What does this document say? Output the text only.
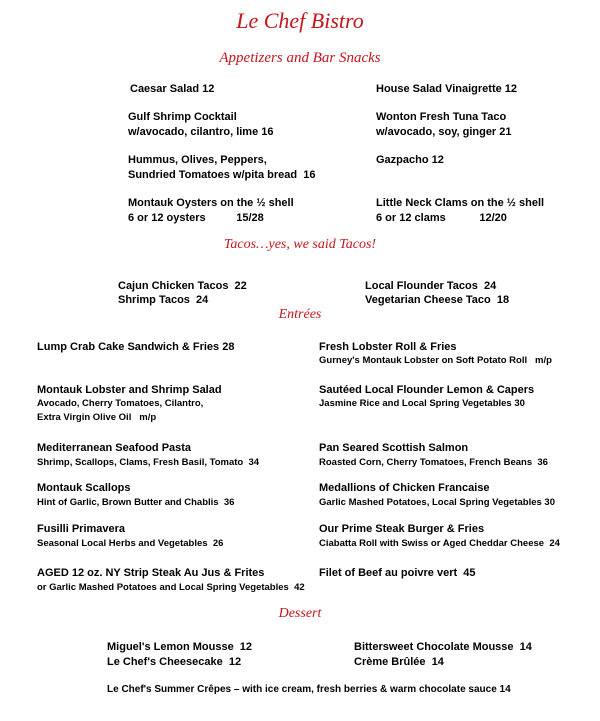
Le Chef Bistro
Appetizers and Bar Snacks
Caesar Salad 12	House Salad Vinaigrette 12
Gulf Shrimp Cocktail
w/avocado, cilantro, lime 16
Wonton Fresh Tuna Taco
w/avocado, soy, ginger 21
Hummus, Olives, Peppers,
Sundried Tomatoes w/pita bread  16
Gazpacho 12
Montauk Oysters on the ½ shell
6 or 12 oysters          15/28
Little Neck Clams on the ½ shell
6 or 12 clams           12/20
Tacos…yes, we said Tacos!
Cajun Chicken Tacos  22
Shrimp Tacos  24
Local Flounder Tacos  24
Vegetarian Cheese Taco  18
Entrées
Lump Crab Cake Sandwich & Fries 28	Fresh Lobster Roll & Fries
Gurney's Montauk Lobster on Soft Potato Roll   m/p
Montauk Lobster and Shrimp Salad
Avocado, Cherry Tomatoes, Cilantro,
Extra Virgin Olive Oil   m/p
Sautéed Local Flounder Lemon & Capers
Jasmine Rice and Local Spring Vegetables 30
Mediterranean Seafood Pasta
Shrimp, Scallops, Clams, Fresh Basil, Tomato  34
Pan Seared Scottish Salmon
Roasted Corn, Cherry Tomatoes, French Beans  36
Montauk Scallops
Hint of Garlic, Brown Butter and Chablis  36
Medallions of Chicken Francaise
Garlic Mashed Potatoes, Local Spring Vegetables 30
Fusilli Primavera
Seasonal Local Herbs and Vegetables  26
Our Prime Steak Burger & Fries
Ciabatta Roll with Swiss or Aged Cheddar Cheese  24
AGED 12 oz. NY Strip Steak Au Jus & Frites
or Garlic Mashed Potatoes and Local Spring Vegetables  42
Filet of Beef au poivre vert  45
Dessert
Miguel's Lemon Mousse  12
Le Chef's Cheesecake  12
Bittersweet Chocolate Mousse  14
Crème Brûlée  14
Le Chef's Summer Crêpes – with ice cream, fresh berries & warm chocolate sauce 14
